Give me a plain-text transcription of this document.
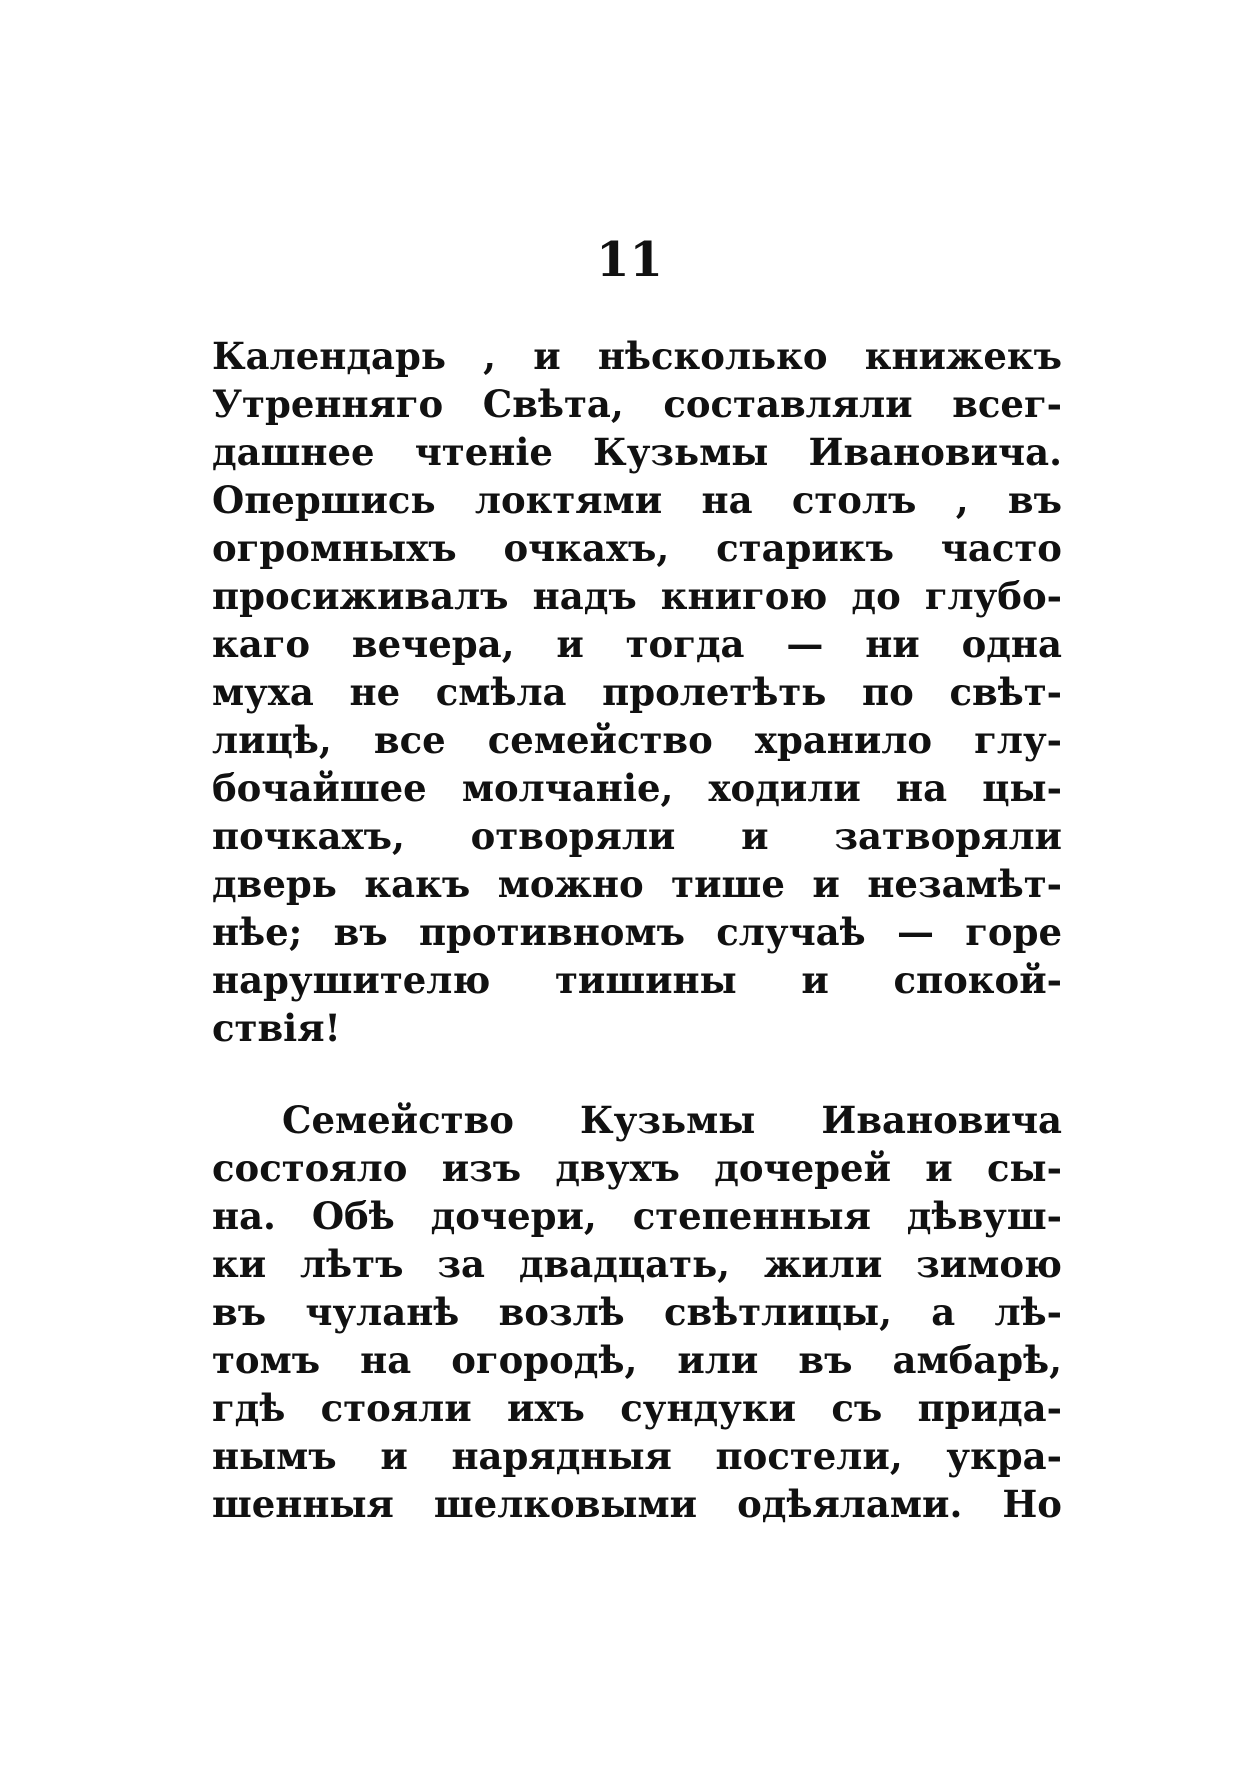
11
Календарь , и нѣсколько книжекъ
Утренняго Свѣта, составляли всег-
дашнее чтеніе Кузьмы Ивановича.
Опершись локтями на столъ , въ
огромныхъ очкахъ, старикъ часто
просиживалъ надъ книгою до глубо-
каго вечера, и тогда — ни одна
муха не смѣла пролетѣть по свѣт-
лицѣ, все семейство хранило глу-
бочайшее молчаніе, ходили на цы-
почкахъ, отворяли и затворяли
дверь какъ можно тише и незамѣт-
нѣе; въ противномъ случаѣ — горе
нарушителю тишины и спокой-
ствія!
Семейство Кузьмы Ивановича
состояло изъ двухъ дочерей и сы-
на. Обѣ дочери, степенныя дѣвуш-
ки лѣтъ за двадцать, жили зимою
въ чуланѣ возлѣ свѣтлицы, а лѣ-
томъ на огородѣ, или въ амбарѣ,
гдѣ стояли ихъ сундуки съ прида-
нымъ и нарядныя постели, укра-
шенныя шелковыми одѣялами. Но
